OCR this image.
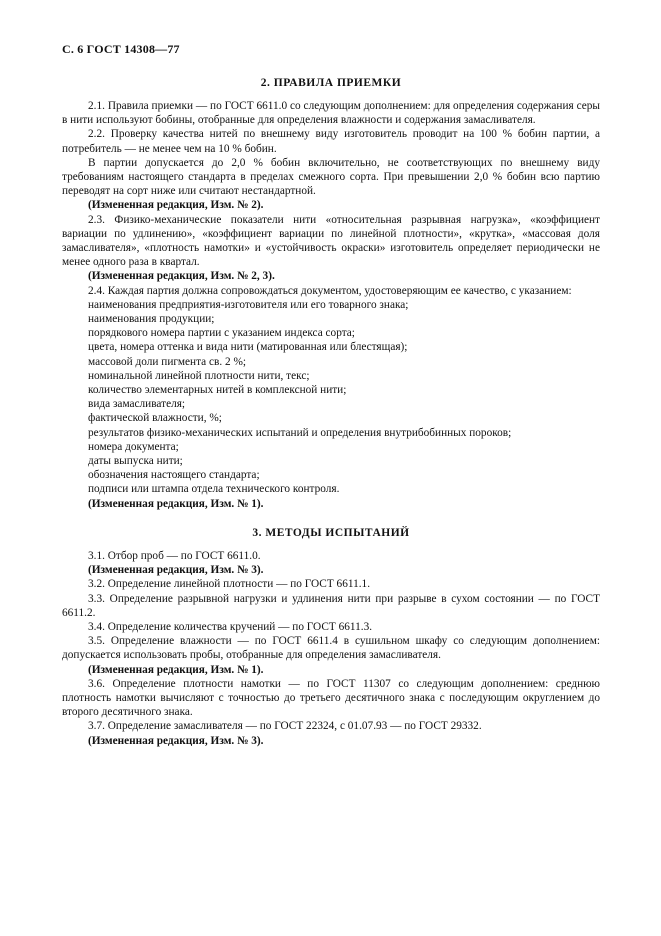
С. 6 ГОСТ 14308—77
2. ПРАВИЛА ПРИЕМКИ

2.1. Правила приемки — по ГОСТ 6611.0 со следующим дополнением: для определения содержания серы в нити используют бобины, отобранные для определения влажности и содержания замасливателя.

2.2. Проверку качества нитей по внешнему виду изготовитель проводит на 100 % бобин партии, а потребитель — не менее чем на 10 % бобин.

В партии допускается до 2,0 % бобин включительно, не соответствующих по внешнему виду требованиям настоящего стандарта в пределах смежного сорта. При превышении 2,0 % бобин всю партию переводят на сорт ниже или считают нестандартной.

(Измененная редакция, Изм. № 2).

2.3. Физико-механические показатели нити «относительная разрывная нагрузка», «коэффициент вариации по удлинению», «коэффициент вариации по линейной плотности», «крутка», «массовая доля замасливателя», «плотность намотки» и «устойчивость окраски» изготовитель определяет периодически не менее одного раза в квартал.

(Измененная редакция, Изм. № 2, 3).

2.4. Каждая партия должна сопровождаться документом, удостоверяющим ее качество, с указанием:

наименования предприятия-изготовителя или его товарного знака;

наименования продукции;

порядкового номера партии с указанием индекса сорта;

цвета, номера оттенка и вида нити (матированная или блестящая);

массовой доли пигмента св. 2 %;

номинальной линейной плотности нити, текс;

количество элементарных нитей в комплексной нити;

вида замасливателя;

фактической влажности, %;

результатов физико-механических испытаний и определения внутрибобинных пороков;

номера документа;

даты выпуска нити;

обозначения настоящего стандарта;

подписи или штампа отдела технического контроля.

(Измененная редакция, Изм. № 1).

3. МЕТОДЫ ИСПЫТАНИЙ

3.1. Отбор проб — по ГОСТ 6611.0.

(Измененная редакция, Изм. № 3).

3.2. Определение линейной плотности — по ГОСТ 6611.1.

3.3. Определение разрывной нагрузки и удлинения нити при разрыве в сухом состоянии — по ГОСТ 6611.2.

3.4. Определение количества кручений — по ГОСТ 6611.3.

3.5. Определение влажности — по ГОСТ 6611.4 в сушильном шкафу со следующим дополнением: допускается использовать пробы, отобранные для определения замасливателя.

(Измененная редакция, Изм. № 1).

3.6. Определение плотности намотки — по ГОСТ 11307 со следующим дополнением: среднюю плотность намотки вычисляют с точностью до третьего десятичного знака с последующим округлением до второго десятичного знака.

3.7. Определение замасливателя — по ГОСТ 22324, с 01.07.93 — по ГОСТ 29332.

(Измененная редакция, Изм. № 3).
